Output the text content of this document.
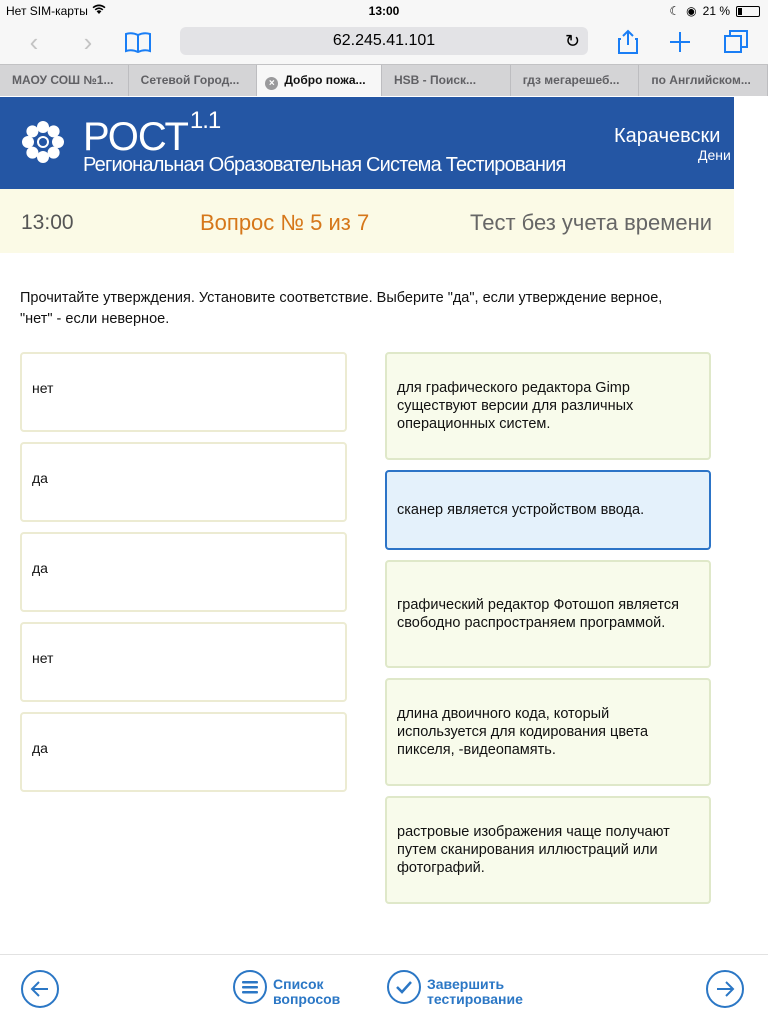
Нет SIM-карты	13:00	☾ ◉ 21 %
‹	›	62.245.41.101	↻
МАОУ СОШ №1...	Сетевой Город...	× Добро пожа...	HSB - Поиск...	гдз мегарешеб...	по Английском...
$РОСТ^{1.1}$
Региональная Образовательная Система Тестирования
Карачевски
Дени
13:00	Вопрос № 5 из 7	Тест без учета времени
Прочитайте утверждения. Установите соответствие. Выберите "да", если утверждение верное, "нет" - если неверное.
нет
да
да
нет
да
для графического редактора Gimp существуют версии для различных операционных систем.
сканер является устройством ввода.
графический редактор Фотошоп является свободно распространяем программой.
длина двоичного кода, который используется для кодирования цвета пикселя, -видеопамять.
растровые изображения чаще получают путем сканирования иллюстраций или фотографий.
Список
вопросов
Завершить
тестирование
